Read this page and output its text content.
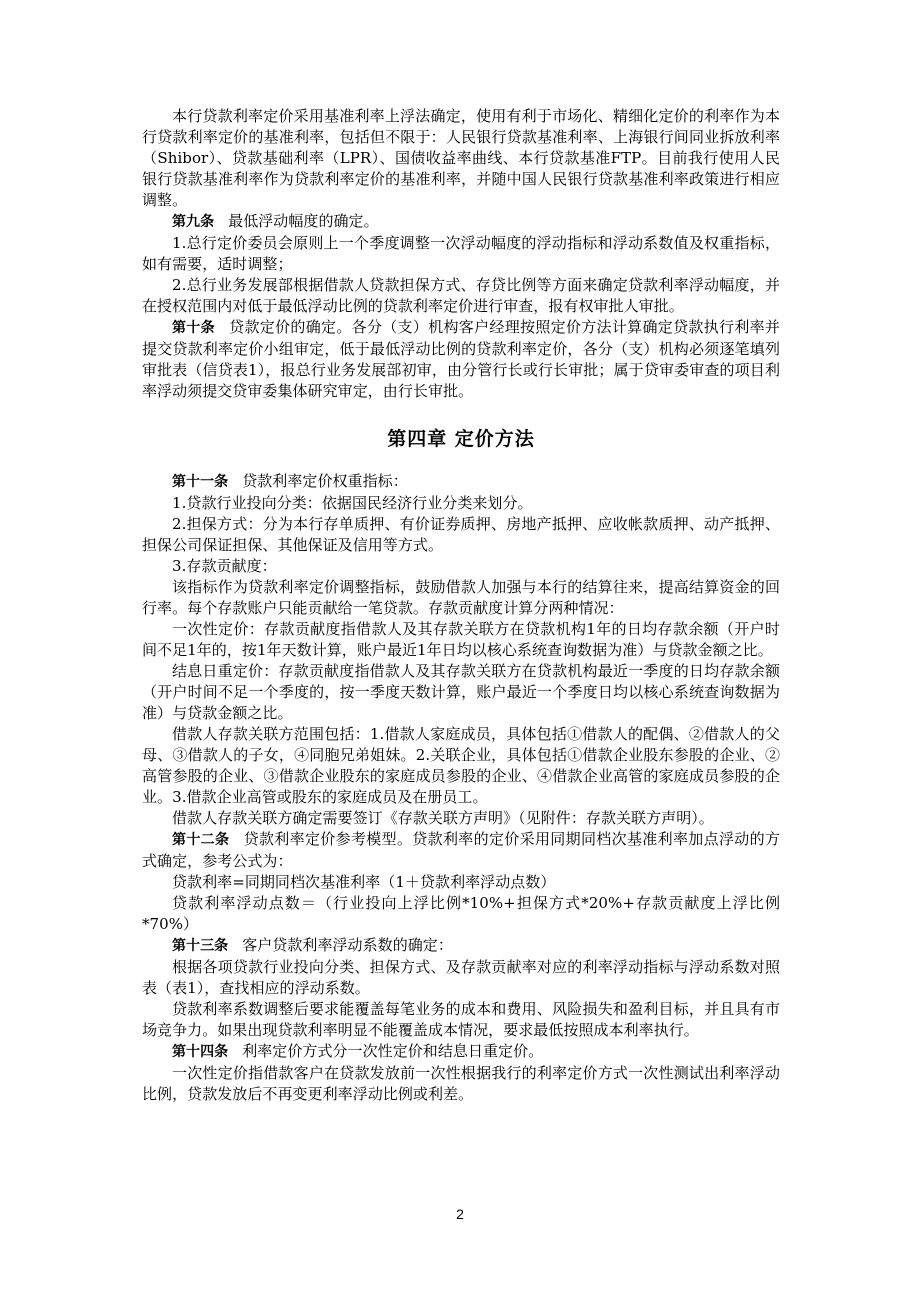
本行贷款利率定价采用基准利率上浮法确定，使用有利于市场化、精细化定价的利率作为本行贷款利率定价的基准利率，包括但不限于：人民银行贷款基准利率、上海银行间同业拆放利率（Shibor）、贷款基础利率（LPR）、国债收益率曲线、本行贷款基准FTP。目前我行使用人民银行贷款基准利率作为贷款利率定价的基准利率，并随中国人民银行贷款基准利率政策进行相应调整。

第九条 最低浮动幅度的确定。

1.总行定价委员会原则上一个季度调整一次浮动幅度的浮动指标和浮动系数值及权重指标，如有需要，适时调整；

2.总行业务发展部根据借款人贷款担保方式、存贷比例等方面来确定贷款利率浮动幅度，并在授权范围内对低于最低浮动比例的贷款利率定价进行审查，报有权审批人审批。

第十条 贷款定价的确定。各分（支）机构客户经理按照定价方法计算确定贷款执行利率并提交贷款利率定价小组审定，低于最低浮动比例的贷款利率定价，各分（支）机构必须逐笔填列审批表（信贷表1），报总行业务发展部初审，由分管行长或行长审批；属于贷审委审查的项目利率浮动须提交贷审委集体研究审定，由行长审批。

第四章 定价方法

第十一条 贷款利率定价权重指标：

1.贷款行业投向分类：依据国民经济行业分类来划分。

2.担保方式：分为本行存单质押、有价证券质押、房地产抵押、应收帐款质押、动产抵押、担保公司保证担保、其他保证及信用等方式。

3.存款贡献度：

该指标作为贷款利率定价调整指标，鼓励借款人加强与本行的结算往来，提高结算资金的回行率。每个存款账户只能贡献给一笔贷款。存款贡献度计算分两种情况：

一次性定价：存款贡献度指借款人及其存款关联方在贷款机构1年的日均存款余额（开户时间不足1年的，按1年天数计算，账户最近1年日均以核心系统查询数据为准）与贷款金额之比。

结息日重定价：存款贡献度指借款人及其存款关联方在贷款机构最近一季度的日均存款余额（开户时间不足一个季度的，按一季度天数计算，账户最近一个季度日均以核心系统查询数据为准）与贷款金额之比。

借款人存款关联方范围包括：1.借款人家庭成员，具体包括①借款人的配偶、②借款人的父母、③借款人的子女，④同胞兄弟姐妹。2.关联企业，具体包括①借款企业股东参股的企业、②高管参股的企业、③借款企业股东的家庭成员参股的企业、④借款企业高管的家庭成员参股的企业。3.借款企业高管或股东的家庭成员及在册员工。

借款人存款关联方确定需要签订《存款关联方声明》（见附件：存款关联方声明）。

第十二条 贷款利率定价参考模型。贷款利率的定价采用同期同档次基准利率加点浮动的方式确定，参考公式为：

贷款利率=同期同档次基准利率（1＋贷款利率浮动点数）

贷款利率浮动点数＝（行业投向上浮比例*10%+担保方式*20%+存款贡献度上浮比例*70%）

第十三条 客户贷款利率浮动系数的确定：

根据各项贷款行业投向分类、担保方式、及存款贡献率对应的利率浮动指标与浮动系数对照表（表1），查找相应的浮动系数。

贷款利率系数调整后要求能覆盖每笔业务的成本和费用、风险损失和盈利目标，并且具有市场竞争力。如果出现贷款利率明显不能覆盖成本情况，要求最低按照成本利率执行。

第十四条 利率定价方式分一次性定价和结息日重定价。

一次性定价指借款客户在贷款发放前一次性根据我行的利率定价方式一次性测试出利率浮动比例，贷款发放后不再变更利率浮动比例或利差。

2
